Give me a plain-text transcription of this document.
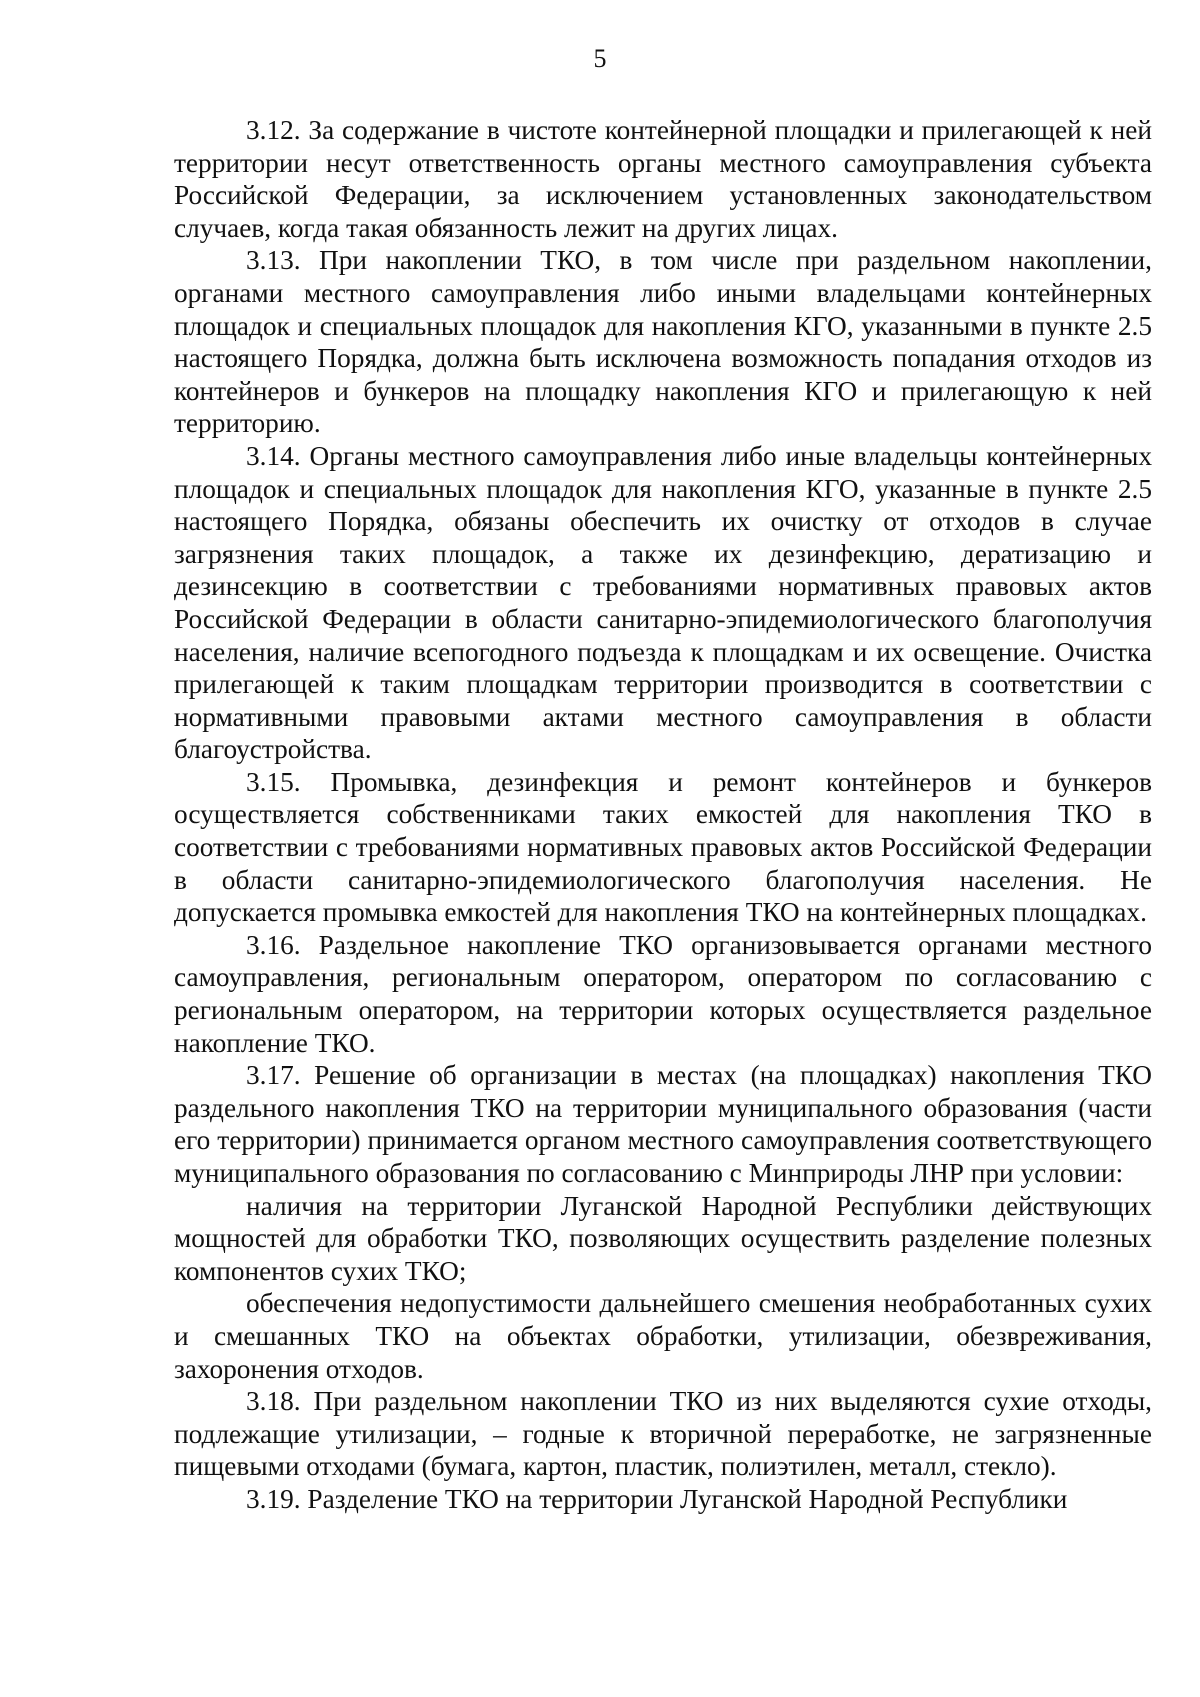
5

3.12. За содержание в чистоте контейнерной площадки и прилегающей к ней территории несут ответственность органы местного самоуправления субъекта Российской Федерации, за исключением установленных законодательством случаев, когда такая обязанность лежит на других лицах.

3.13. При накоплении ТКО, в том числе при раздельном накоплении, органами местного самоуправления либо иными владельцами контейнерных площадок и специальных площадок для накопления КГО, указанными в пункте 2.5 настоящего Порядка, должна быть исключена возможность попадания отходов из контейнеров и бункеров на площадку накопления КГО и прилегающую к ней территорию.

3.14. Органы местного самоуправления либо иные владельцы контейнерных площадок и специальных площадок для накопления КГО, указанные в пункте 2.5 настоящего Порядка, обязаны обеспечить их очистку от отходов в случае загрязнения таких площадок, а также их дезинфекцию, дератизацию и дезинсекцию в соответствии с требованиями нормативных правовых актов Российской Федерации в области санитарно-эпидемиологического благополучия населения, наличие всепогодного подъезда к площадкам и их освещение. Очистка прилегающей к таким площадкам территории производится в соответствии с нормативными правовыми актами местного самоуправления в области благоустройства.

3.15. Промывка, дезинфекция и ремонт контейнеров и бункеров осуществляется собственниками таких емкостей для накопления ТКО в соответствии с требованиями нормативных правовых актов Российской Федерации в области санитарно-эпидемиологического благополучия населения. Не допускается промывка емкостей для накопления ТКО на контейнерных площадках.

3.16. Раздельное накопление ТКО организовывается органами местного самоуправления, региональным оператором, оператором по согласованию с региональным оператором, на территории которых осуществляется раздельное накопление ТКО.

3.17. Решение об организации в местах (на площадках) накопления ТКО раздельного накопления ТКО на территории муниципального образования (части его территории) принимается органом местного самоуправления соответствующего муниципального образования по согласованию с Минприроды ЛНР при условии:

наличия на территории Луганской Народной Республики действующих мощностей для обработки ТКО, позволяющих осуществить разделение полезных компонентов сухих ТКО;

обеспечения недопустимости дальнейшего смешения необработанных сухих и смешанных ТКО на объектах обработки, утилизации, обезвреживания, захоронения отходов.

3.18. При раздельном накоплении ТКО из них выделяются сухие отходы, подлежащие утилизации, – годные к вторичной переработке, не загрязненные пищевыми отходами (бумага, картон, пластик, полиэтилен, металл, стекло).

3.19. Разделение ТКО на территории Луганской Народной Республики
